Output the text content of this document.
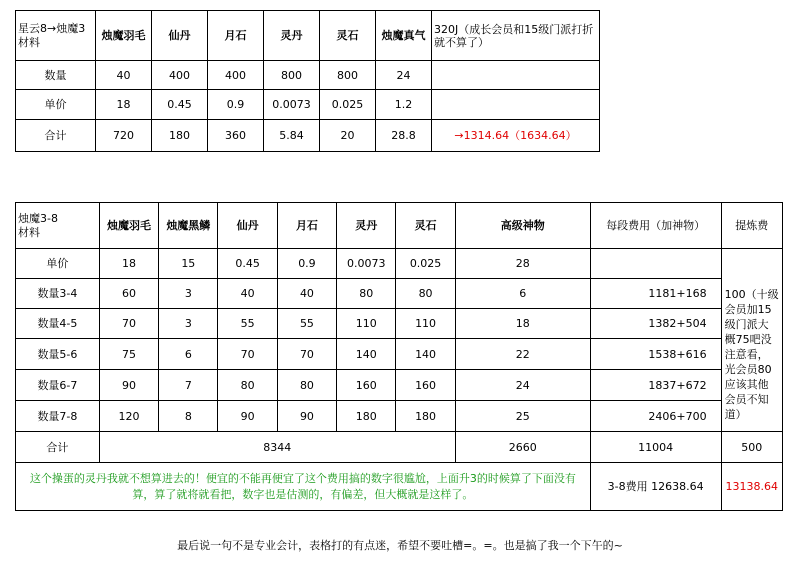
星云8→烛魔3
材料	烛魔羽毛	仙丹	月石	灵丹	灵石	烛魔真气	320J（成长会员和15级门派打折就不算了）
数量	40	400	400	800	800	24	
单价	18	0.45	0.9	0.0073	0.025	1.2	
合计	720	180	360	5.84	20	28.8	→1314.64（1634.64）
烛魔3-8
材料	烛魔羽毛	烛魔黑鳞	仙丹	月石	灵丹	灵石	高级神物	每段费用（加神物）	提炼费
单价	18	15	0.45	0.9	0.0073	0.025	28		
数量3-4	60	3	40	40	80	80	6	1181+168	100（十级会员加15级门派大概75吧没注意看，光会员80应该其他会员不知道）
数量4-5	70	3	55	55	110	110	18	1382+504	
数量5-6	75	6	70	70	140	140	22	1538+616	
数量6-7	90	7	80	80	160	160	24	1837+672	
数量7-8	120	8	90	90	180	180	25	2406+700	
合计	8344						2660	11004	500
这个操蛋的灵丹我就不想算进去的！便宜的不能再便宜了这个费用搞的数字很尴尬，上面升3的时候算了下面没有算，算了就将就看把，数字也是估测的，有偏差，但大概就是这样了。								3-8费用 12638.64	13138.64
最后说一句不是专业会计，表格打的有点迷，希望不要吐槽=。=。也是搞了我一个下午的~
